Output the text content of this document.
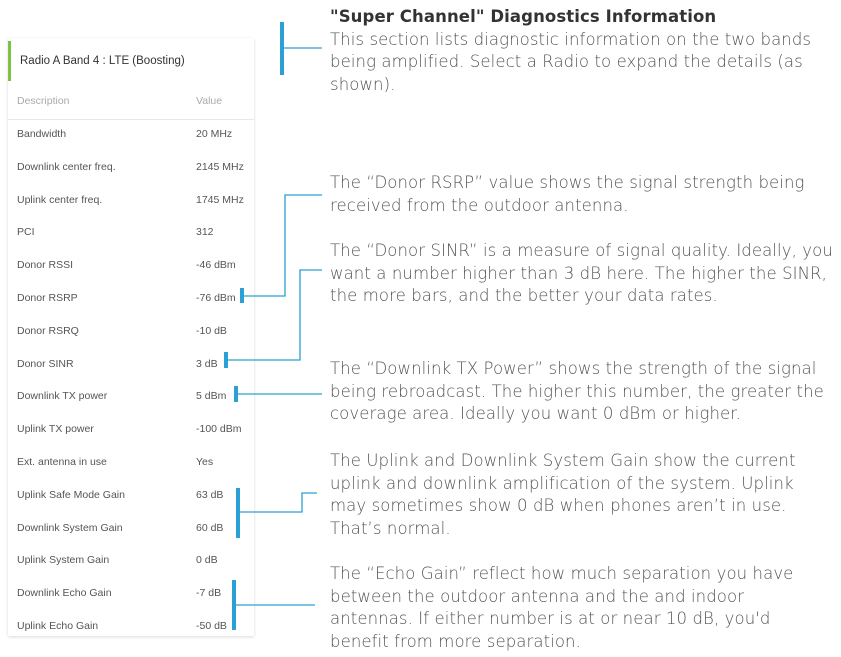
Radio A Band 4 : LTE (Boosting)
Description	Value
Bandwidth	20 MHz
Downlink center freq.	2145 MHz
Uplink center freq.	1745 MHz
PCI	312
Donor RSSI	-46 dBm
Donor RSRP	-76 dBm
Donor RSRQ	-10 dB
Donor SINR	3 dB
Downlink TX power	5 dBm
Uplink TX power	-100 dBm
Ext. antenna in use	Yes
Uplink Safe Mode Gain	63 dB
Downlink System Gain	60 dB
Uplink System Gain	0 dB
Downlink Echo Gain	-7 dB
Uplink Echo Gain	-50 dB
"Super Channel" Diagnostics Information
This section lists diagnostic information on the two bands being amplified. Select a Radio to expand the details (as shown).
The “Donor RSRP” value shows the signal strength being received from the outdoor antenna.
The “Donor SINR” is a measure of signal quality. Ideally, you want a number higher than 3 dB here. The higher the SINR, the more bars, and the better your data rates.
The “Downlink TX Power” shows the strength of the signal being rebroadcast. The higher this number, the greater the coverage area. Ideally you want 0 dBm or higher.
The Uplink and Downlink System Gain show the current uplink and downlink amplification of the system. Uplink may sometimes show 0 dB when phones aren’t in use. That’s normal.
The “Echo Gain” reflect how much separation you have between the outdoor antenna and the and indoor antennas. If either number is at or near 10 dB, you'd benefit from more separation.
